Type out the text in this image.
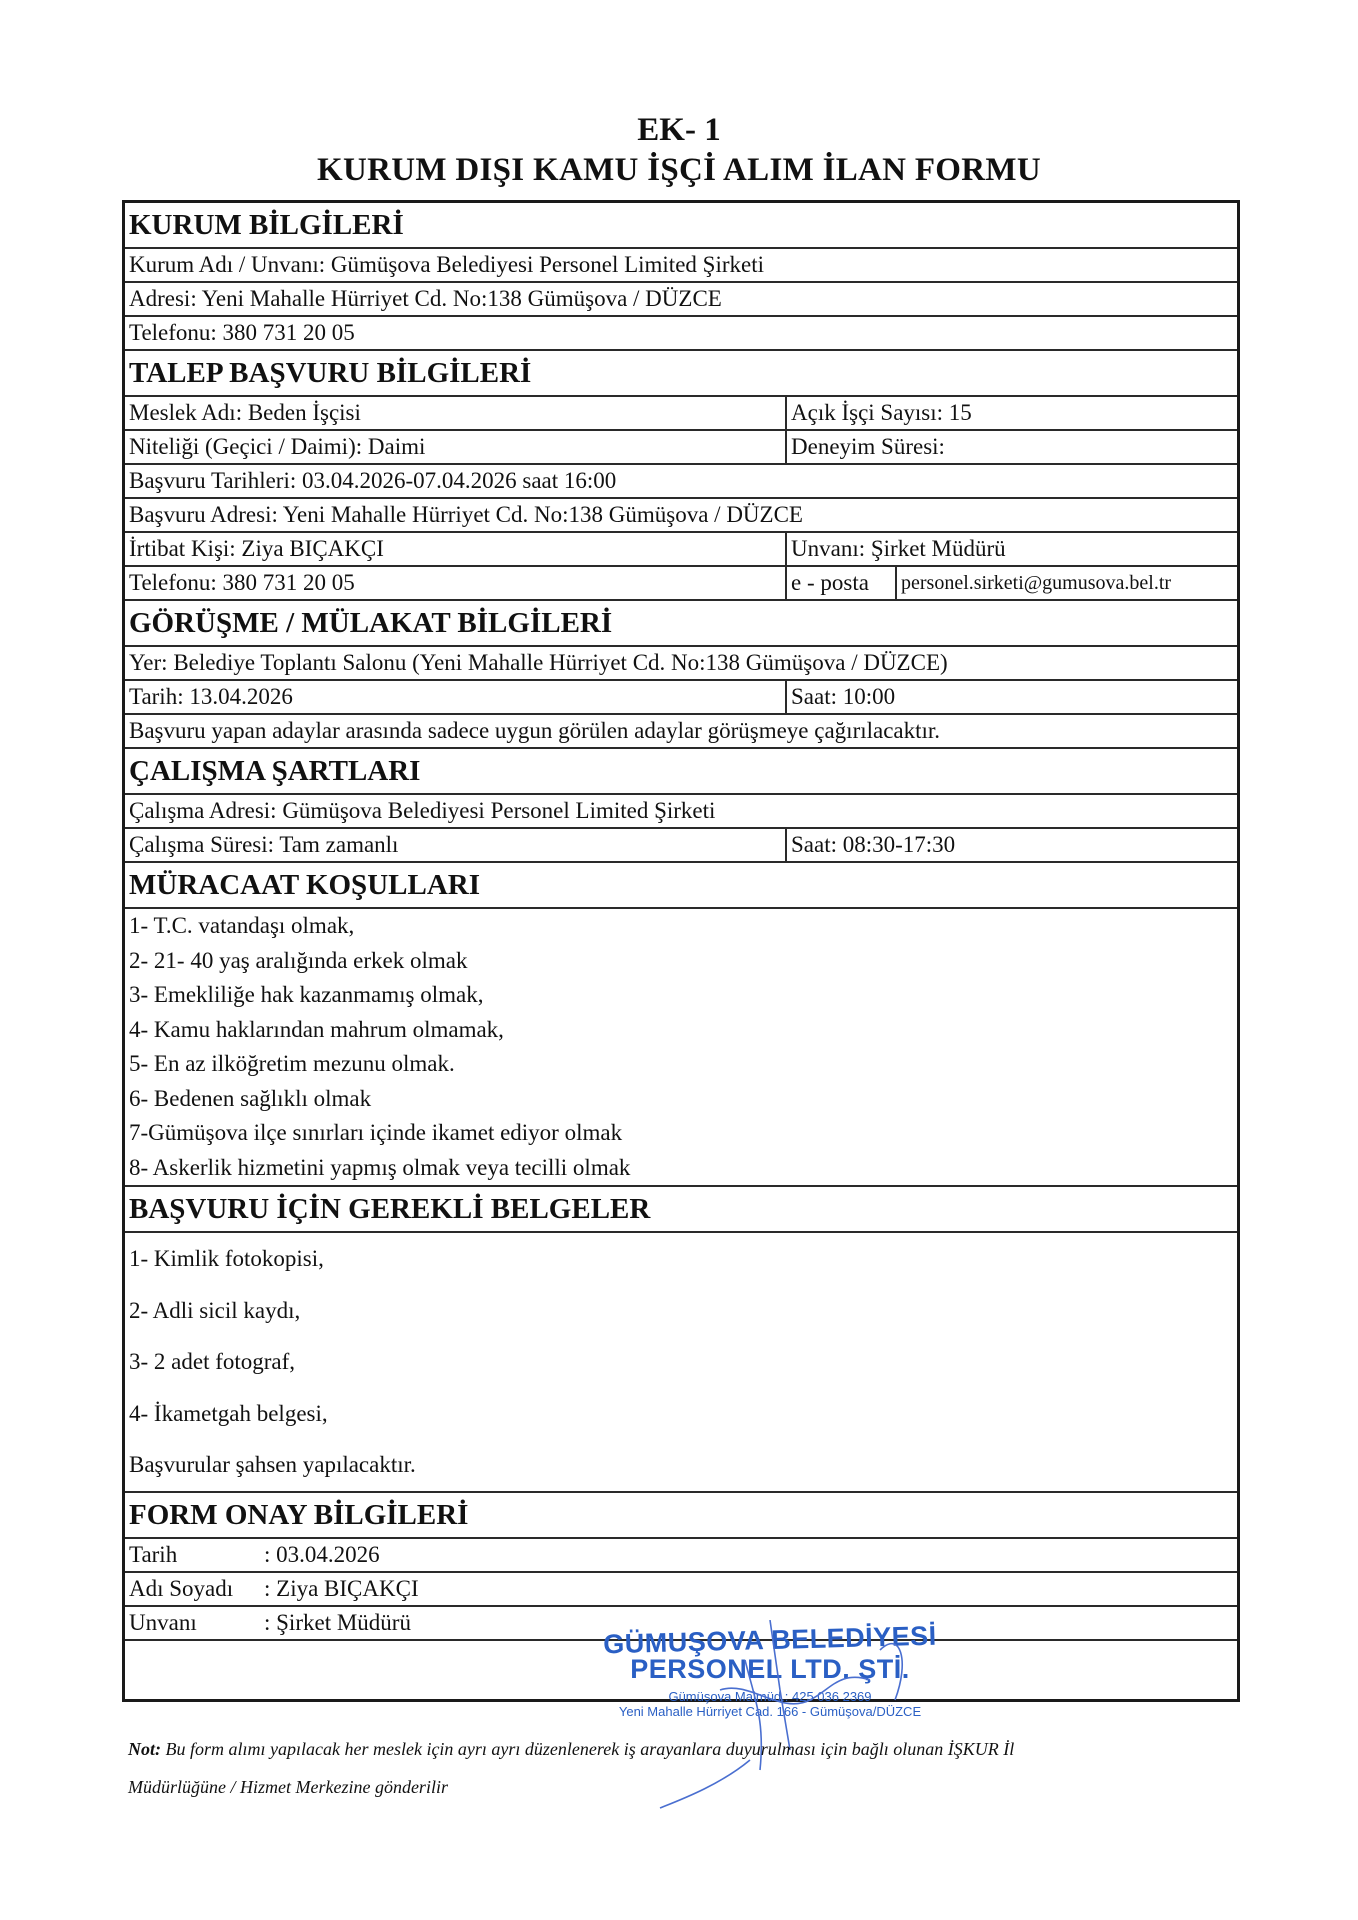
EK- 1
KURUM DIŞI KAMU İŞÇİ ALIM İLAN FORMU
KURUM BİLGİLERİ
Kurum Adı / Unvanı: Gümüşova Belediyesi Personel Limited Şirketi
Adresi: Yeni Mahalle Hürriyet Cd. No:138 Gümüşova / DÜZCE
Telefonu: 380 731 20 05
TALEP BAŞVURU BİLGİLERİ
Meslek Adı: Beden İşçisi	Açık İşçi Sayısı: 15
Niteliği (Geçici / Daimi): Daimi	Deneyim Süresi:
Başvuru Tarihleri: 03.04.2026-07.04.2026 saat 16:00
Başvuru Adresi: Yeni Mahalle Hürriyet Cd. No:138 Gümüşova / DÜZCE
İrtibat Kişi: Ziya BIÇAKÇI	Unvanı: Şirket Müdürü
Telefonu: 380 731 20 05	e - posta	personel.sirketi@gumusova.bel.tr
GÖRÜŞME / MÜLAKAT BİLGİLERİ
Yer: Belediye Toplantı Salonu (Yeni Mahalle Hürriyet Cd. No:138 Gümüşova / DÜZCE)
Tarih: 13.04.2026	Saat: 10:00
Başvuru yapan adaylar arasında sadece uygun görülen adaylar görüşmeye çağırılacaktır.
ÇALIŞMA ŞARTLARI
Çalışma Adresi: Gümüşova Belediyesi Personel Limited Şirketi
Çalışma Süresi: Tam zamanlı	Saat: 08:30-17:30
MÜRACAAT KOŞULLARI
1- T.C. vatandaşı olmak,
2- 21- 40 yaş aralığında erkek olmak
3- Emekliliğe hak kazanmamış olmak,
4- Kamu haklarından mahrum olmamak,
5- En az ilköğretim mezunu olmak.
6- Bedenen sağlıklı olmak
7-Gümüşova ilçe sınırları içinde ikamet ediyor olmak
8- Askerlik hizmetini yapmış olmak veya tecilli olmak
BAŞVURU İÇİN GEREKLİ BELGELER
1- Kimlik fotokopisi,
2- Adli sicil kaydı,
3- 2 adet fotograf,
4- İkametgah belgesi,
Başvurular şahsen yapılacaktır.
FORM ONAY BİLGİLERİ
Tarih	: 03.04.2026
Adı Soyadı : Ziya BIÇAKÇI
Unvanı	: Şirket Müdürü	GÜMUŞOVA BELEDİYESİ
PERSONEL LTD. ŞTİ.
Gümüşova Malmüd.: 425 036 2369
Yeni Mahalle Hürriyet Cad. 166 - Gümüşova/DÜZCE
Not: Bu form alımı yapılacak her meslek için ayrı ayrı düzenlenerek iş arayanlara duyurulması için bağlı olunan İŞKUR İl
Müdürlüğüne / Hizmet Merkezine gönderilir
